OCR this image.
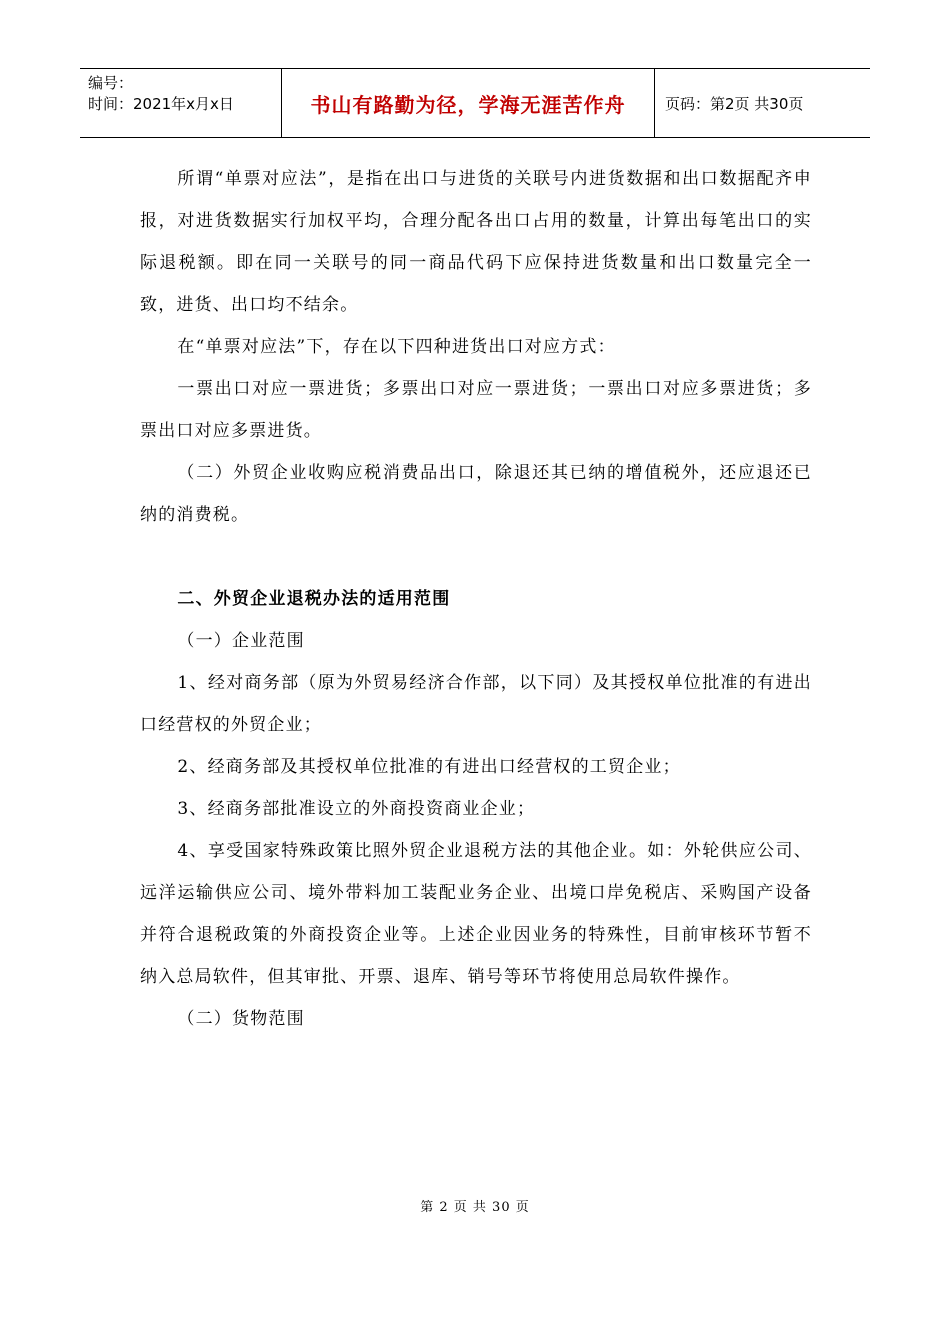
编号：
时间：2021年x月x日	书山有路勤为径，学海无涯苦作舟	页码：第2页 共30页

所谓“单票对应法”，是指在出口与进货的关联号内进货数据和出口数据配齐申报，对进货数据实行加权平均，合理分配各出口占用的数量，计算出每笔出口的实际退税额。即在同一关联号的同一商品代码下应保持进货数量和出口数量完全一致，进货、出口均不结余。

在“单票对应法”下，存在以下四种进货出口对应方式：

一票出口对应一票进货；多票出口对应一票进货；一票出口对应多票进货；多票出口对应多票进货。

（二）外贸企业收购应税消费品出口，除退还其已纳的增值税外，还应退还已纳的消费税。

二、外贸企业退税办法的适用范围

（一）企业范围

1、经对商务部（原为外贸易经济合作部，以下同）及其授权单位批准的有进出口经营权的外贸企业；

2、经商务部及其授权单位批准的有进出口经营权的工贸企业；

3、经商务部批准设立的外商投资商业企业；

4、享受国家特殊政策比照外贸企业退税方法的其他企业。如：外轮供应公司、远洋运输供应公司、境外带料加工装配业务企业、出境口岸免税店、采购国产设备并符合退税政策的外商投资企业等。上述企业因业务的特殊性，目前审核环节暂不纳入总局软件，但其审批、开票、退库、销号等环节将使用总局软件操作。

（二）货物范围

第 2 页 共 30 页
